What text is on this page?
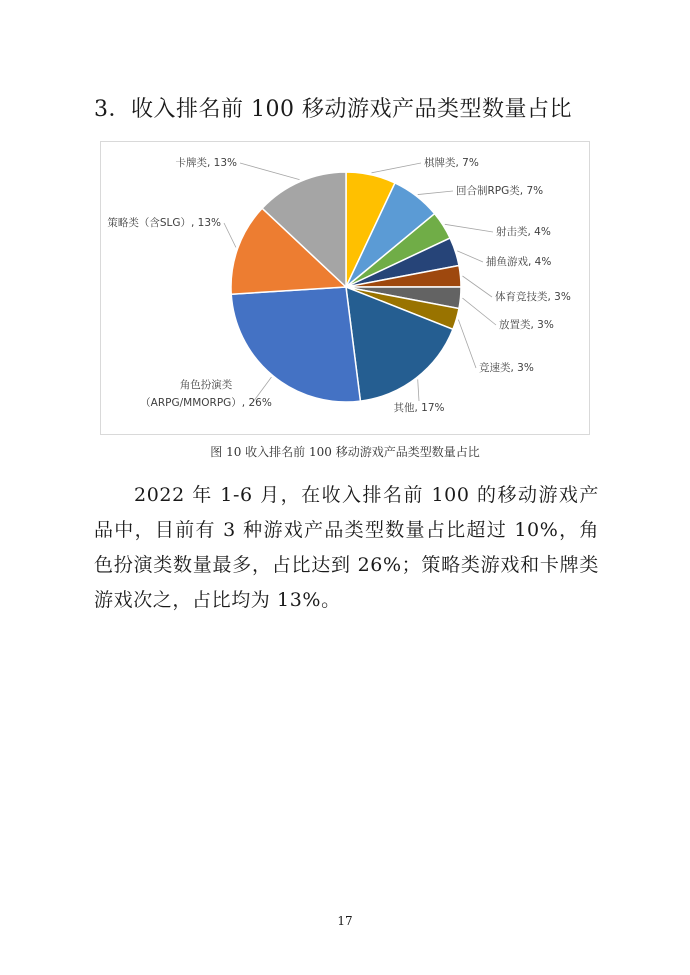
3．收入排名前 100 移动游戏产品类型数量占比
棋牌类, 7%
回合制RPG类, 7%
射击类, 4%
捕鱼游戏, 4%
体育竞技类, 3%
放置类, 3%
竞速类, 3%
其他, 17%
角色扮演类（ARPG/MMORPG）, 26%
策略类（含SLG）, 13%
卡牌类, 13%
图 10 收入排名前 100 移动游戏产品类型数量占比

2022 年 1-6 月，在收入排名前 100 的移动游戏产品中，目前有 3 种游戏产品类型数量占比超过 10%，角色扮演类数量最多，占比达到 26%；策略类游戏和卡牌类游戏次之，占比均为 13%。

17
